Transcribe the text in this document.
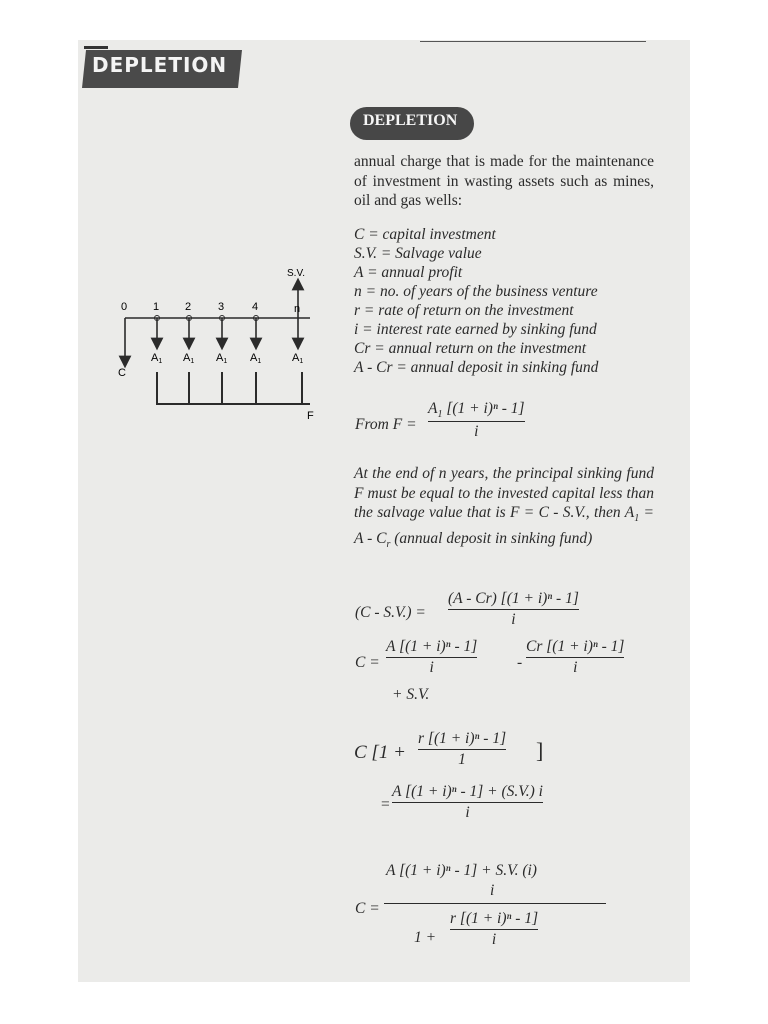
DEPLETION
DEPLETION
annual charge that is made for the maintenance of investment in wasting assets such as mines, oil and gas wells:
C = capital investment
S.V. = Salvage value
A = annual profit
n = no. of years of the business venture
r = rate of return on the investment
i = interest rate earned by sinking fund
Cr = annual return on the investment
A - Cr = annual deposit in sinking fund
F
C
S.V.
0 1 2 3	4	n
A1 A1 A1 A1	A1
From F =
$A_1$ [(1 + i)ⁿ - 1]
i
At the end of n years, the principal sinking fund F must be equal to the invested capital less than the salvage value that is F = C - S.V., then $A_1 = A - C_r$ (annual deposit in sinking fund)
(C - S.V.) =
(A - Cr) [(1 + i)ⁿ - 1]
i
C =
A [(1 + i)ⁿ - 1]
i	-
Cr [(1 + i)ⁿ - 1]
i
+ S.V.
C [1 +
r [(1 + i)ⁿ - 1]
1	]
=
A [(1 + i)ⁿ - 1] + (S.V.) i
i
C =
A [(1 + i)ⁿ - 1] + S.V. (i)
i
1 +
r [(1 + i)ⁿ - 1]
i
